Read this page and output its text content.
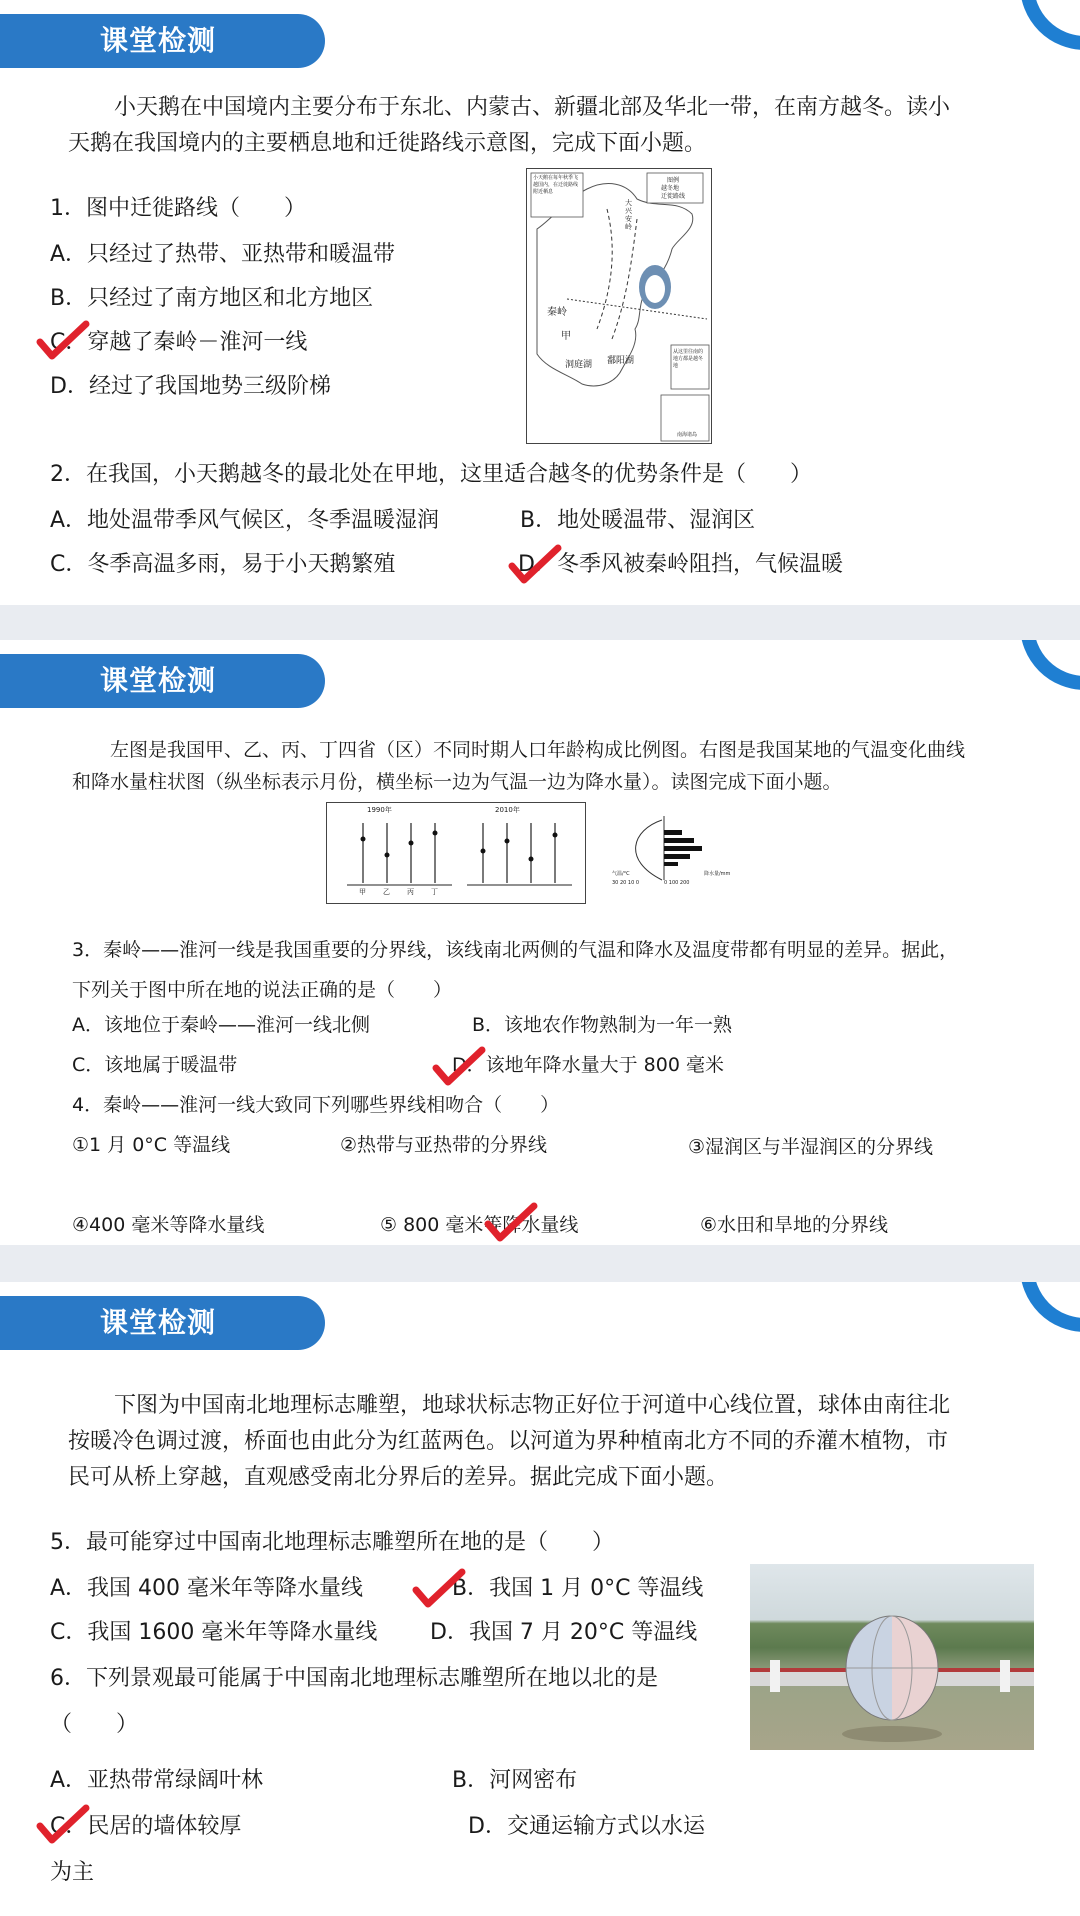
课堂检测
小天鹅在中国境内主要分布于东北、内蒙古、新疆北部及华北一带，在南方越冬。读小天鹅在我国境内的主要栖息地和迁徙路线示意图，完成下面小题。
1．图中迁徙路线（　　）
A．只经过了热带、亚热带和暖温带
B．只经过了南方地区和北方地区
C．穿越了秦岭－淮河一线
D．经过了我国地势三级阶梯
小天鹅在每年秋季飞越国内，在迁徙路线附近栖息
图例
越冬地
迁徙路线
大兴安岭
秦岭
甲
洞庭湖 鄱阳湖
从这里往南的地方都是越冬地
南海诸岛
2．在我国，小天鹅越冬的最北处在甲地，这里适合越冬的优势条件是（　　）
A．地处温带季风气候区，冬季温暖湿润	B．地处暖温带、湿润区
C．冬季高温多雨，易于小天鹅繁殖	D．冬季风被秦岭阻挡，气候温暖
课堂检测
左图是我国甲、乙、丙、丁四省（区）不同时期人口年龄构成比例图。右图是我国某地的气温变化曲线和降水量柱状图（纵坐标表示月份，横坐标一边为气温一边为降水量）。读图完成下面小题。
1990年	2010年
甲 乙 丙 丁
30 20 10 0	0 100 200
气温/°C	降水量/mm
3．秦岭——淮河一线是我国重要的分界线，该线南北两侧的气温和降水及温度带都有明显的差异。据此，下列关于图中所在地的说法正确的是（　　）
A．该地位于秦岭——淮河一线北侧	B．该地农作物熟制为一年一熟
C．该地属于暖温带	D．该地年降水量大于 800 毫米
4．秦岭——淮河一线大致同下列哪些界线相吻合（　　）
①1 月 0°C 等温线	②热带与亚热带的分界线	③湿润区与半湿润区的分界线
④400 毫米等降水量线	⑤ 800 毫米等降水量线	⑥水田和旱地的分界线
课堂检测
下图为中国南北地理标志雕塑，地球状标志物正好位于河道中心线位置，球体由南往北按暖冷色调过渡，桥面也由此分为红蓝两色。以河道为界种植南北方不同的乔灌木植物，市民可从桥上穿越，直观感受南北分界后的差异。据此完成下面小题。
5．最可能穿过中国南北地理标志雕塑所在地的是（　　）
A．我国 400 毫米年等降水量线	B．我国 1 月 0°C 等温线
C．我国 1600 毫米年等降水量线 D．我国 7 月 20°C 等温线
6．下列景观最可能属于中国南北地理标志雕塑所在地以北的是
（　　）
A．亚热带常绿阔叶林	B．河网密布
C．民居的墙体较厚	D．交通运输方式以水运
为主
